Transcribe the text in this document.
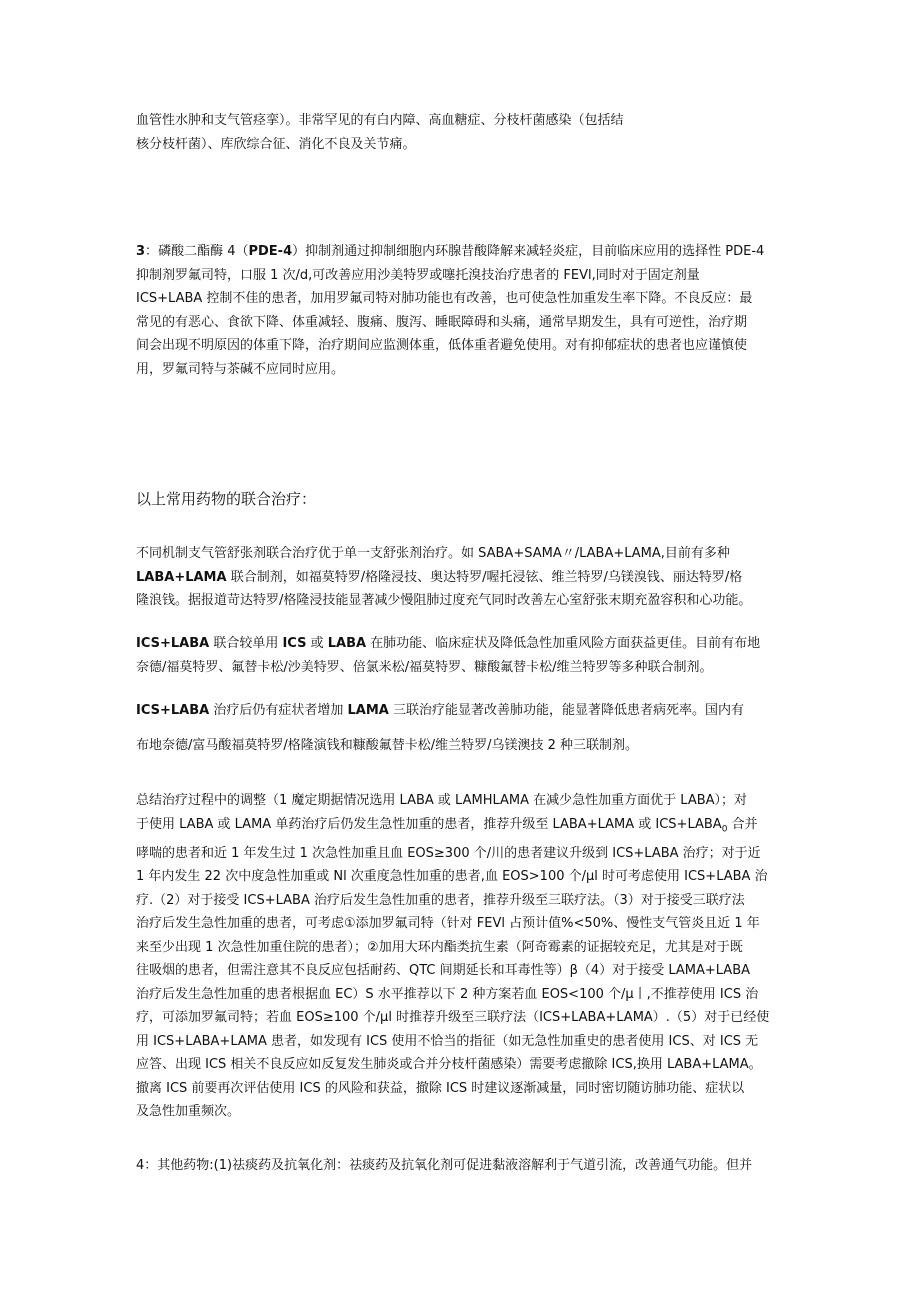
血管性水肿和支气管痉挛）。非常罕见的有白内障、高血糖症、分枝杆菌感染（包括结
核分枝杆菌）、库欣综合征、消化不良及关节痛。
3：磷酸二酯酶 4（PDE-4）抑制剂通过抑制细胞内环腺昔酸降解来减轻炎症，目前临床应用的选择性 PDE-4
抑制剂罗氟司特，口服 1 次/d,可改善应用沙美特罗或噻托溴技治疗患者的 FEVl,同时对于固定剂量
ICS+LABA 控制不佳的患者，加用罗氟司特对肺功能也有改善，也可使急性加重发生率下降。不良反应：最
常见的有恶心、食欲下降、体重减轻、腹痛、腹泻、睡眠障碍和头痛，通常早期发生，具有可逆性，治疗期
间会出现不明原因的体重下降，治疗期间应监测体重，低体重者避免使用。对有抑郁症状的患者也应谨慎使
用，罗氟司特与茶碱不应同时应用。
以上常用药物的联合治疗：
不同机制支气管舒张剂联合治疗优于单一支舒张剂治疗。如 SABA+SAMA〃/LABA+LAMA,目前有多种
LABA+LAMA 联合制剂，如福莫特罗/格隆浸技、奥达特罗/喔托浸铉、维兰特罗/乌镁溴钱、丽达特罗/格
隆浪钱。据报道苛达特罗/格隆浸技能显著减少慢阻肺过度充气同时改善左心室舒张末期充盈容积和心功能。
ICS+LABA 联合较单用 ICS 或 LABA 在肺功能、临床症状及降低急性加重风险方面获益更佳。目前有布地
奈德/福莫特罗、氟替卡松/沙美特罗、倍氯米松/福莫特罗、糠酸氟替卡松/维兰特罗等多种联合制剂。
ICS+LABA 治疗后仍有症状者增加 LAMA 三联治疗能显著改善肺功能，能显著降低患者病死率。国内有
布地奈德/富马酸福莫特罗/格隆演钱和糠酸氟替卡松/维兰特罗/乌镁澳技 2 种三联制剂。
总结治疗过程中的调整（1 魔定期据情况选用 LABA 或 LAMHLAMA 在减少急性加重方面优于 LABA）；对
于使用 LABA 或 LAMA 单药治疗后仍发生急性加重的患者，推荐升级至 LABA+LAMA 或 $ICS+LABA_0$ 合并
哮喘的患者和近 1 年发生过 1 次急性加重且血 EOS≥300 个/川的患者建议升级到 ICS+LABA 治疗；对于近
1 年内发生 22 次中度急性加重或 Nl 次重度急性加重的患者,血 EOS>100 个/μl 时可考虑使用 ICS+LABA 治
疗.（2）对于接受 ICS+LABA 治疗后发生急性加重的患者，推荐升级至三联疗法。（3）对于接受三联疗法
治疗后发生急性加重的患者，可考虑①添加罗氟司特（针对 FEVl 占预计值%<50%、慢性支气管炎且近 1 年
来至少出现 1 次急性加重住院的患者）；②加用大环内酯类抗生素（阿奇霉素的证据较充足，尤其是对于既
往吸烟的患者，但需注意其不良反应包括耐药、QTC 间期延长和耳毒性等）β（4）对于接受 LAMA+LABA
治疗后发生急性加重的患者根据血 EC）S 水平推荐以下 2 种方案若血 EOS<100 个/μ丨,不推荐使用 ICS 治
疗，可添加罗氟司特；若血 EOS≥100 个/μl 时推荐升级至三联疗法（ICS+LABA+LAMA）.（5）对于已经使
用 ICS+LABA+LAMA 患者，如发现有 ICS 使用不恰当的指征（如无急性加重史的患者使用 ICS、对 ICS 无
应答、出现 ICS 相关不良反应如反复发生肺炎或合并分枝杆菌感染）需要考虑撤除 ICS,换用 LABA+LAMA。
撤离 ICS 前要再次评估使用 ICS 的风险和获益，撤除 ICS 时建议逐渐减量，同时密切随访肺功能、症状以
及急性加重频次。
4：其他药物:(1)祛痰药及抗氧化剂：祛痰药及抗氧化剂可促进黏液溶解利于气道引流，改善通气功能。但并
